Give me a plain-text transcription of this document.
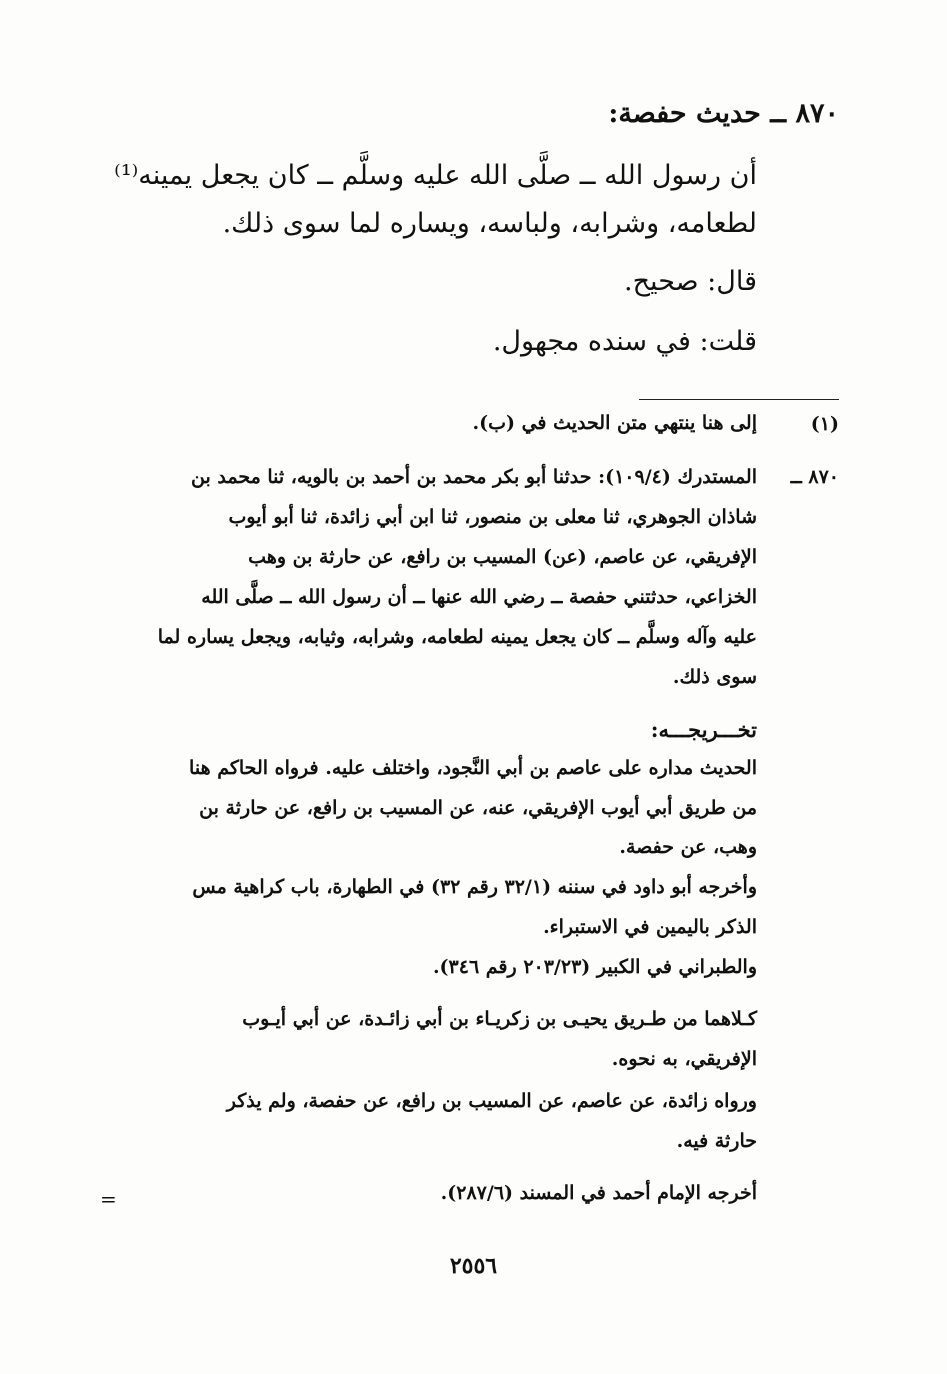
٨٧٠ ــ حديث حفصة:
أن رسول الله ــ صلَّى الله عليه وسلَّم ــ كان يجعل يمينه⁽¹⁾
لطعامه، وشرابه، ولباسه، ويساره لما سوى ذلك.
قال: صحيح.
قلت: في سنده مجهول.
(١)
إلى هنا ينتهي متن الحديث في (ب).
٨٧٠ ــ
المستدرك (١٠٩/٤): حدثنا أبو بكر محمد بن أحمد بن بالويه، ثنا محمد بن
شاذان الجوهري، ثنا معلى بن منصور، ثنا ابن أبي زائدة، ثنا أبو أيوب
الإفريقي، عن عاصم، (عن) المسيب بن رافع، عن حارثة بن وهب
الخزاعي، حدثتني حفصة ــ رضي الله عنها ــ أن رسول الله ــ صلَّى الله
عليه وآله وسلَّم ــ كان يجعل يمينه لطعامه، وشرابه، وثيابه، ويجعل يساره لما
سوى ذلك.
تخـــريجـــه:
الحديث مداره على عاصم بن أبي النَّجود، واختلف عليه. فرواه الحاكم هنا
من طريق أبي أيوب الإفريقي، عنه، عن المسيب بن رافع، عن حارثة بن
وهب، عن حفصة.
وأخرجه أبو داود في سننه (٣٢/١ رقم ٣٢) في الطهارة، باب كراهية مس
الذكر باليمين في الاستبراء.
والطبراني في الكبير (٢٠٣/٢٣ رقم ٣٤٦).
كـلاهما من طـريق يحيـى بن زكريـاء بن أبي زائـدة، عن أبي أيـوب
الإفريقي، به نحوه.
ورواه زائدة، عن عاصم، عن المسيب بن رافع، عن حفصة، ولم يذكر
حارثة فيه.
أخرجه الإمام أحمد في المسند (٢٨٧/٦).
=
٢٥٥٦
